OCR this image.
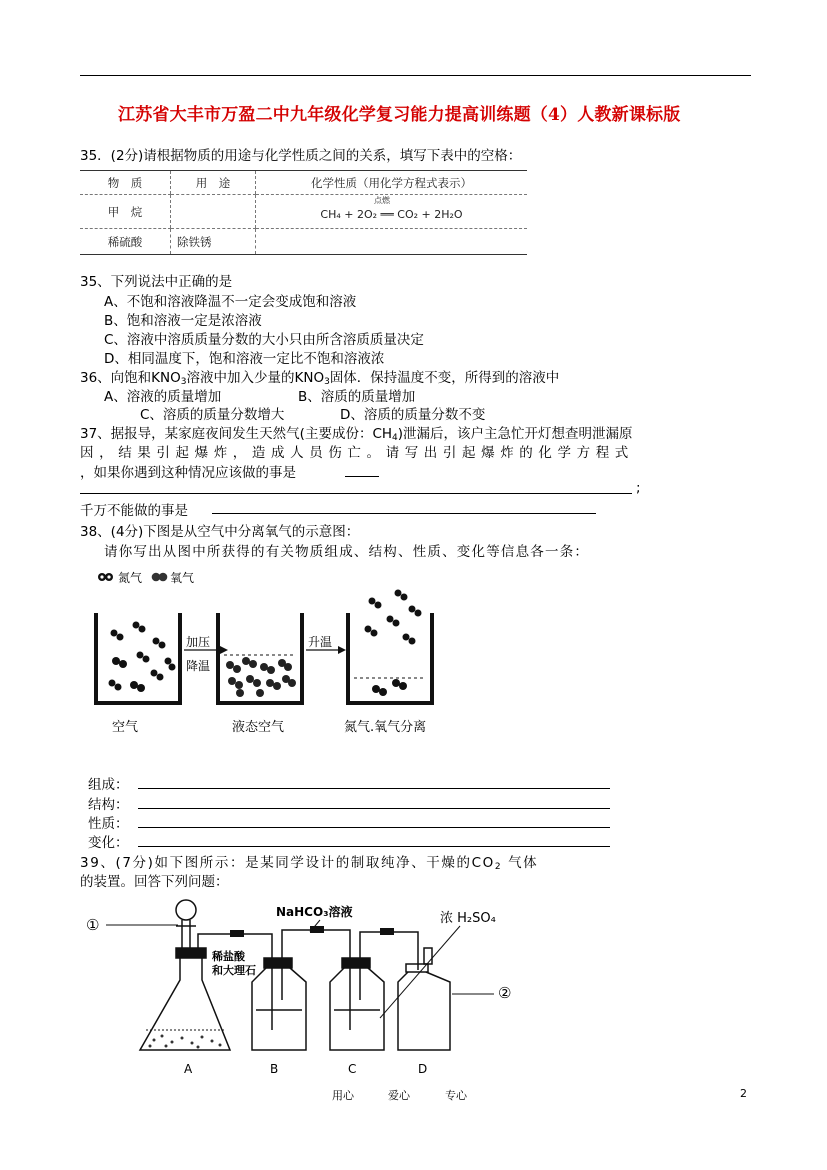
江苏省大丰市万盈二中九年级化学复习能力提高训练题（4）人教新课标版
35．(2分)请根据物质的用途与化学性质之间的关系，填写下表中的空格：
物　质	用　途	化学性质（用化学方程式表示）
甲　烷		点燃
CH₄ + 2O₂ ══ CO₂ + 2H₂O
稀硫酸	除铁锈	
35、下列说法中正确的是
A、不饱和溶液降温不一定会变成饱和溶液
B、饱和溶液一定是浓溶液
C、溶液中溶质质量分数的大小只由所含溶质质量决定
D、相同温度下，饱和溶液一定比不饱和溶液浓
36、向饱和$KNO_3$溶液中加入少量的$KNO_3$固体．保持温度不变，所得到的溶液中
A、溶液的质量增加	B、溶质的质量增加
C、溶质的质量分数增大	D、溶质的质量分数不变
37、据报导，某家庭夜间发生天然气(主要成份：$CH_4$)泄漏后，该户主急忙开灯想查明泄漏原
因，结果引起爆炸，造成人员伤亡。请写出引起爆炸的化学方程式
，如果你遇到这种情况应该做的事是
;
千万不能做的事是
38、(4分)下图是从空气中分离氧气的示意图：
请你写出从图中所获得的有关物质组成、结构、性质、变化等信息各一条：
氮气 氧气
加压
降温
升温
空气	液态空气	氮气.氧气分离
组成：
结构：
性质：
变化：
39、(7分)如下图所示：是某同学设计的制取纯净、干燥的$CO_2$ 气体
的装置。回答下列问题：
①
稀盐酸
和大理石
NaHCO₃溶液	浓 H₂SO₄
②
A	B	C	D
用心	爱心	专心	2
